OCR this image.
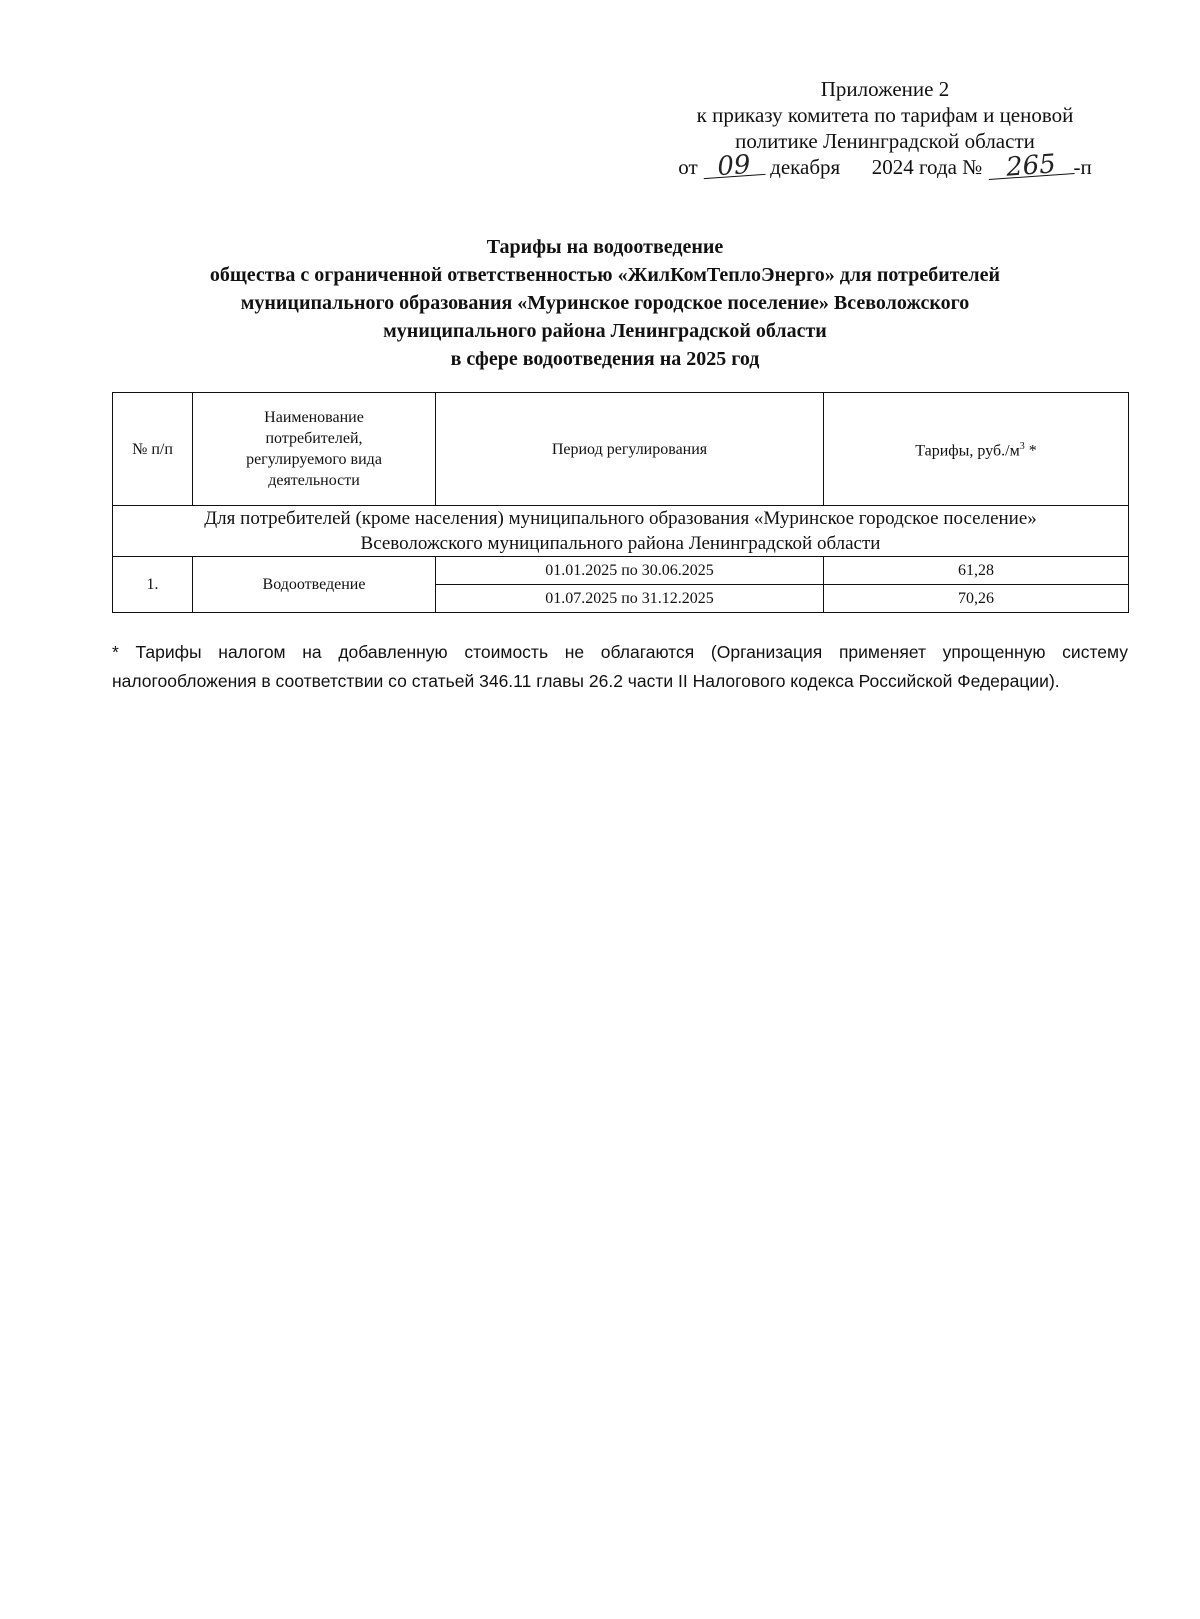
Приложение 2
к приказу комитета по тарифам и ценовой
политике Ленинградской области
от 09 декабря 2024 года № 265 -п
Тарифы на водоотведение
общества с ограниченной ответственностью «ЖилКомТеплоЭнерго» для потребителей
муниципального образования «Муринское городское поселение» Всеволожского
муниципального района Ленинградской области
в сфере водоотведения на 2025 год
№ п/п	Наименование потребителей, регулируемого вида деятельности	Период регулирования	Тарифы, $руб./м^3$ *
Для потребителей (кроме населения) муниципального образования «Муринское городское поселение»
Всеволожского муниципального района Ленинградской области			
1.	Водоотведение	01.01.2025 по 30.06.2025	61,28
		01.07.2025 по 31.12.2025	70,26
* Тарифы налогом на добавленную стоимость не облагаются (Организация применяет упрощенную систему налогообложения в соответствии со статьей 346.11 главы 26.2 части II Налогового кодекса Российской Федерации).
